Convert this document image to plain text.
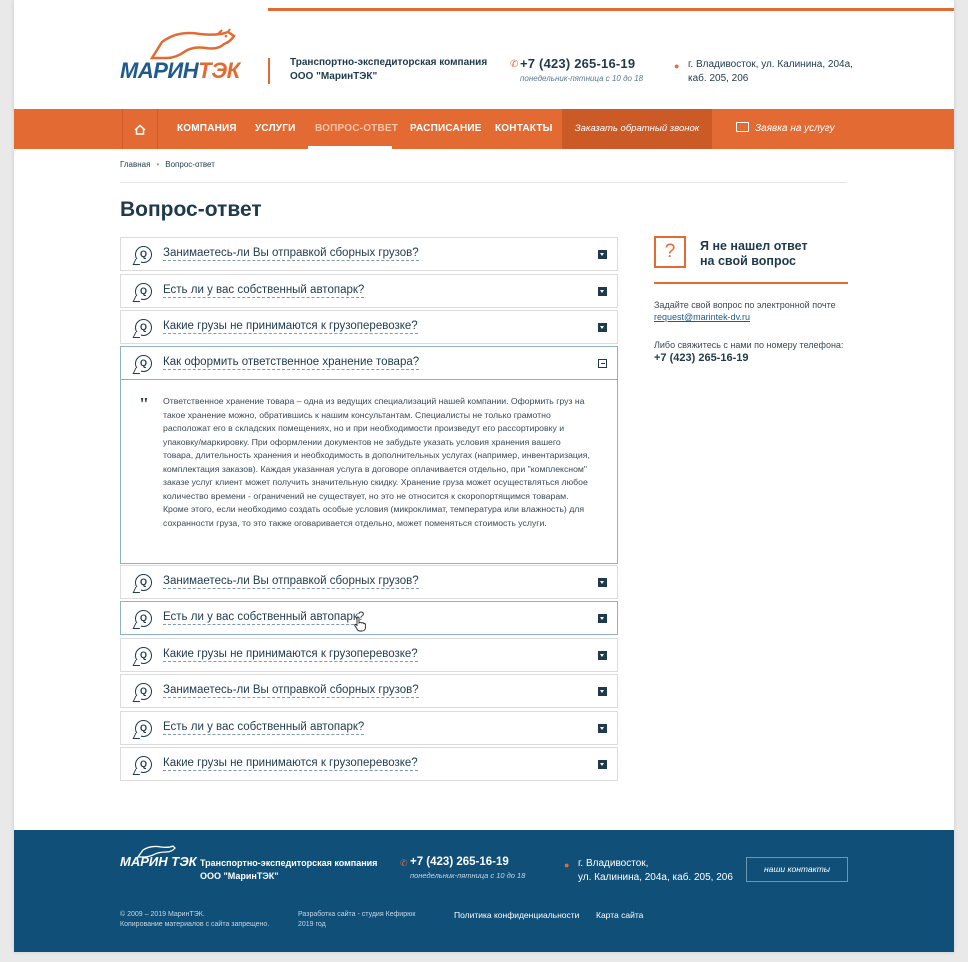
МАРИНТЭК	Транспортно-экспедиторская компания
ООО "МаринТЭК"
✆ +7 (423) 265-16-19
понедельник-пятница с 10 до 18
● г. Владивосток, ул. Калинина, 204а,
каб. 205, 206
КОМПАНИЯ УСЛУГИ ВОПРОС-ОТВЕТ РАСПИСАНИЕ КОНТАКТЫ	Заказать обратный звонок	Заявка на услугу
Главная • Вопрос-ответ
Вопрос-ответ
Q	Занимаетесь-ли Вы отправкой сборных грузов?
Q	Есть ли у вас собственный автопарк?
Q	Какие грузы не принимаются к грузоперевозке?
Q	Как оформить ответственное хранение товара?
" Ответственное хранение товара – одна из ведущих специализаций нашей компании. Оформить груз на такое хранение можно, обратившись к нашим консультантам. Специалисты не только грамотно расположат его в складских помещениях, но и при необходимости произведут его рассортировку и упаковку/маркировку. При оформлении документов не забудьте указать условия хранения вашего товара, длительность хранения и необходимость в дополнительных услугах (например, инвентаризация, комплектация заказов). Каждая указанная услуга в договоре оплачивается отдельно, при "комплексном" заказе услуг клиент может получить значительную скидку. Хранение груза может осуществляться любое количество времени - ограничений не существует, но это не относится к скоропортящимся товарам. Кроме этого, если необходимо создать особые условия (микроклимат, температура или влажность) для сохранности груза, то это также оговаривается отдельно, может поменяться стоимость услуги.
Q	Занимаетесь-ли Вы отправкой сборных грузов?
Q	Есть ли у вас собственный автопарк?
Q	Какие грузы не принимаются к грузоперевозке?
Q	Занимаетесь-ли Вы отправкой сборных грузов?
Q	Есть ли у вас собственный автопарк?
Q	Какие грузы не принимаются к грузоперевозке?
?	Я не нашел ответ
на свой вопрос
Задайте свой вопрос по электронной почте
request@marintek-dv.ru
Либо свяжитесь с нами по номеру телефона:
+7 (423) 265-16-19
МАРИН ТЭК Транспортно-экспедиторская компания
ООО "МаринТЭК"
✆ +7 (423) 265-16-19
понедельник-пятница с 10 до 18
● г. Владивосток,
ул. Калинина, 204а, каб. 205, 206
наши контакты
© 2009 – 2019 МаринТЭК.
Копирование материалов с сайта запрещено.
Разработка сайта - студия Кефирюк
2019 год
Политика конфиденциальности Карта сайта
